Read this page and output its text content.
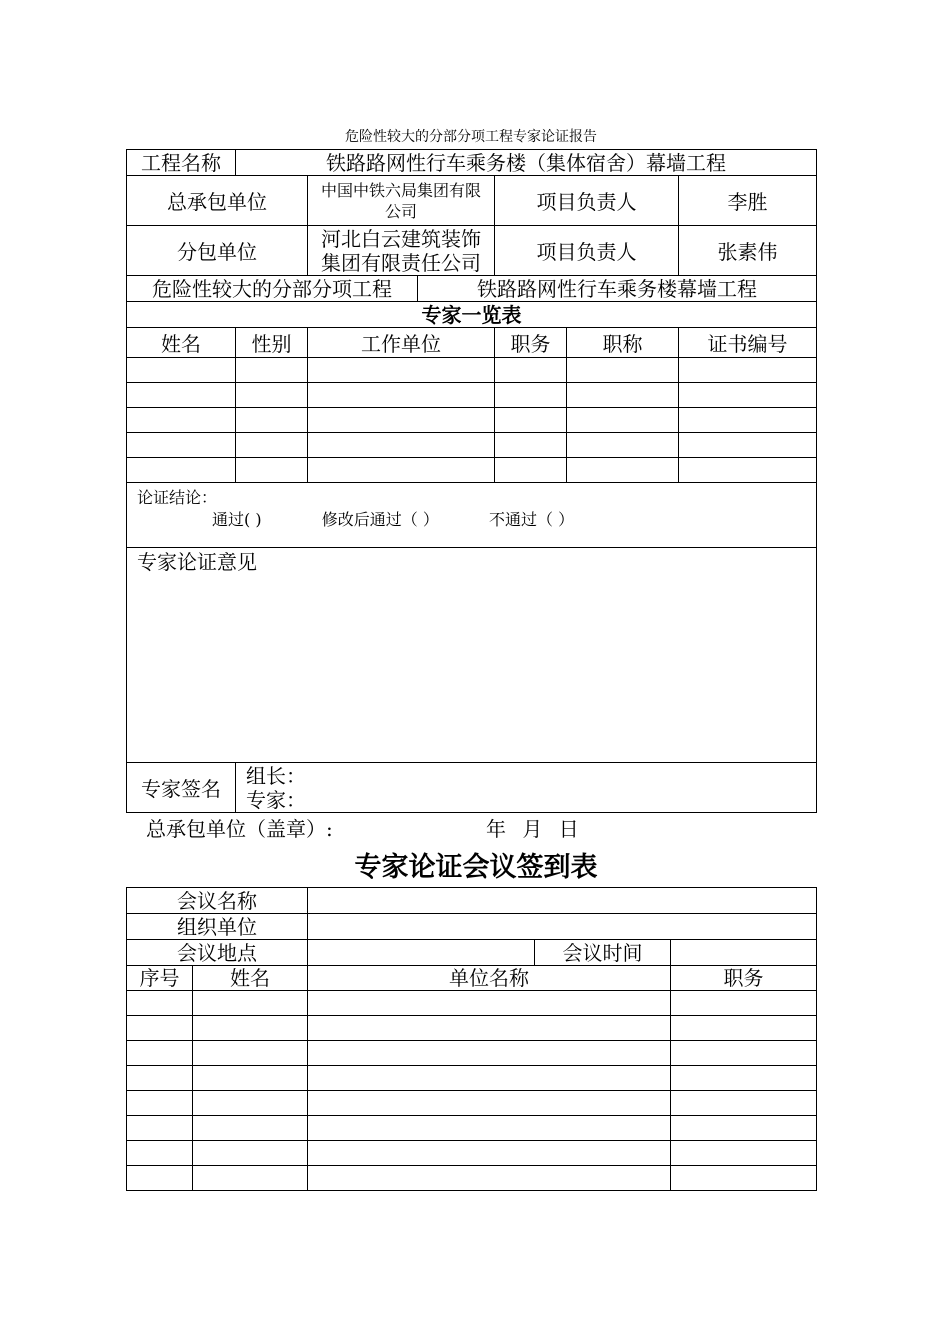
危险性较大的分部分项工程专家论证报告
工程名称	铁路路网性行车乘务楼（集体宿舍）幕墙工程				
总承包单位		中国中铁六局集团有限公司	项目负责人		李胜
分包单位		河北白云建筑装饰集团有限责任公司	项目负责人		张素伟

危险性较大的分部分项工程 铁路路网性行车乘务楼幕墙工程					

专家一览表					
姓名	性别	工作单位	职务	职称	证书编号

论证结论：
通过( ) 修改后通过（ ） 不通过（ ）					

专家论证意见					

专家签名
组长：
专家：					
总承包单位（盖章）:	年 月 日
专家论证会议签到表
会议名称				
组织单位				
会议地点			会议时间	
序号	姓名	单位名称		职务
